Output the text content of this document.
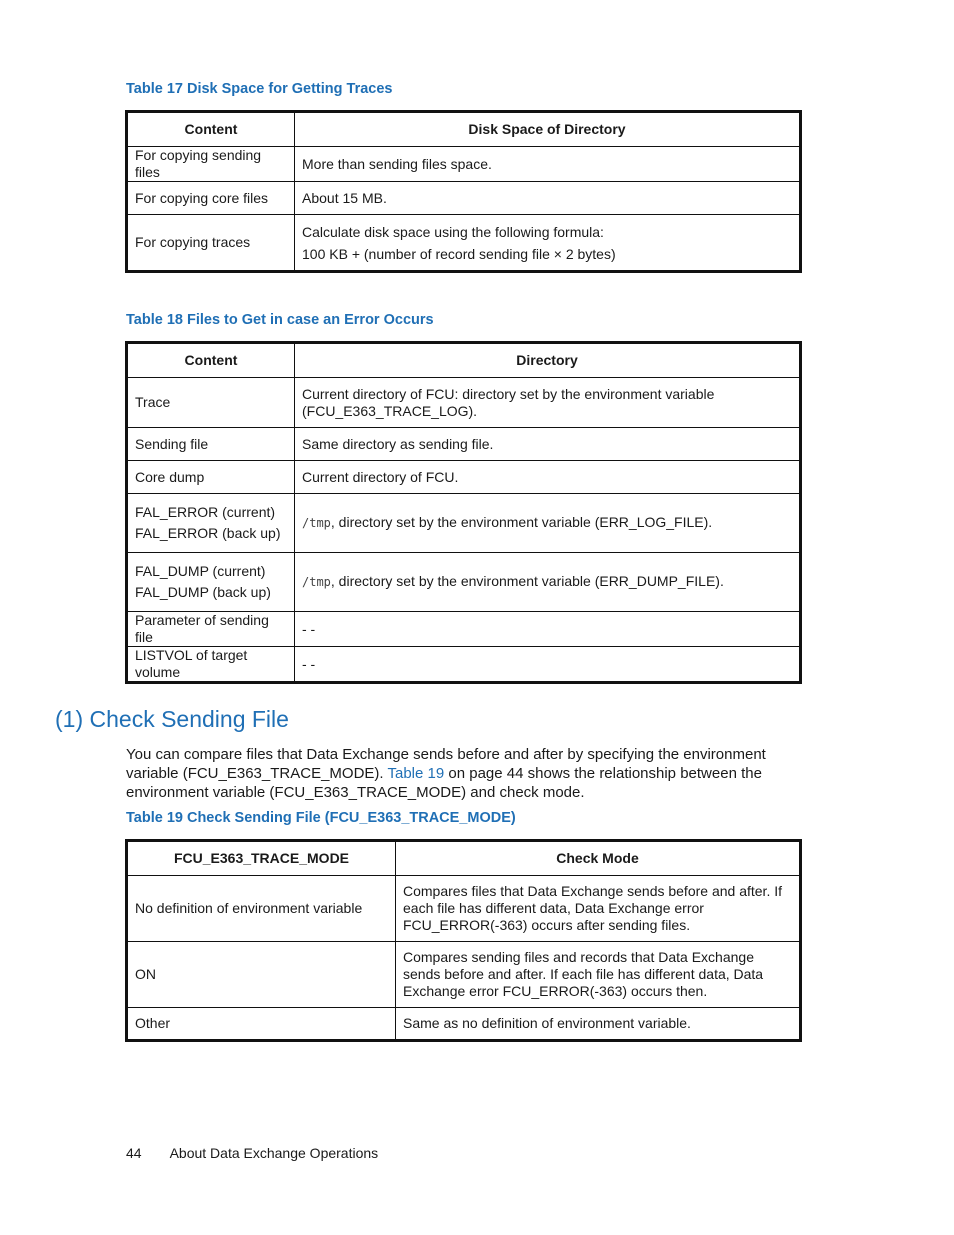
Table 17 Disk Space for Getting Traces

Content	Disk Space of Directory
For copying sending files	More than sending files space.
For copying core files	About 15 MB.
For copying traces	Calculate disk space using the following formula:
100 KB + (number of record sending file × 2 bytes)

Table 18 Files to Get in case an Error Occurs

Content	Directory
Trace	Current directory of FCU: directory set by the environment variable (FCU_E363_TRACE_LOG).
Sending file	Same directory as sending file.
Core dump	Current directory of FCU.

FAL_ERROR (current)
FAL_ERROR (back up)	/tmp, directory set by the environment variable (ERR_LOG_FILE).

FAL_DUMP (current)
FAL_DUMP (back up)	/tmp, directory set by the environment variable (ERR_DUMP_FILE).
Parameter of sending file	- -
LISTVOL of target volume	- -
(1) Check Sending File

You can compare files that Data Exchange sends before and after by specifying the environment variable (FCU_E363_TRACE_MODE). Table 19 on page 44 shows the relationship between the environment variable (FCU_E363_TRACE_MODE) and check mode.

Table 19 Check Sending File (FCU_E363_TRACE_MODE)

FCU_E363_TRACE_MODE	Check Mode
No definition of environment variable	Compares files that Data Exchange sends before and after. If each file has different data, Data Exchange error FCU_ERROR(-363) occurs after sending files.
ON	Compares sending files and records that Data Exchange sends before and after. If each file has different data, Data Exchange error FCU_ERROR(-363) occurs then.
Other	Same as no definition of environment variable.
44 About Data Exchange Operations
